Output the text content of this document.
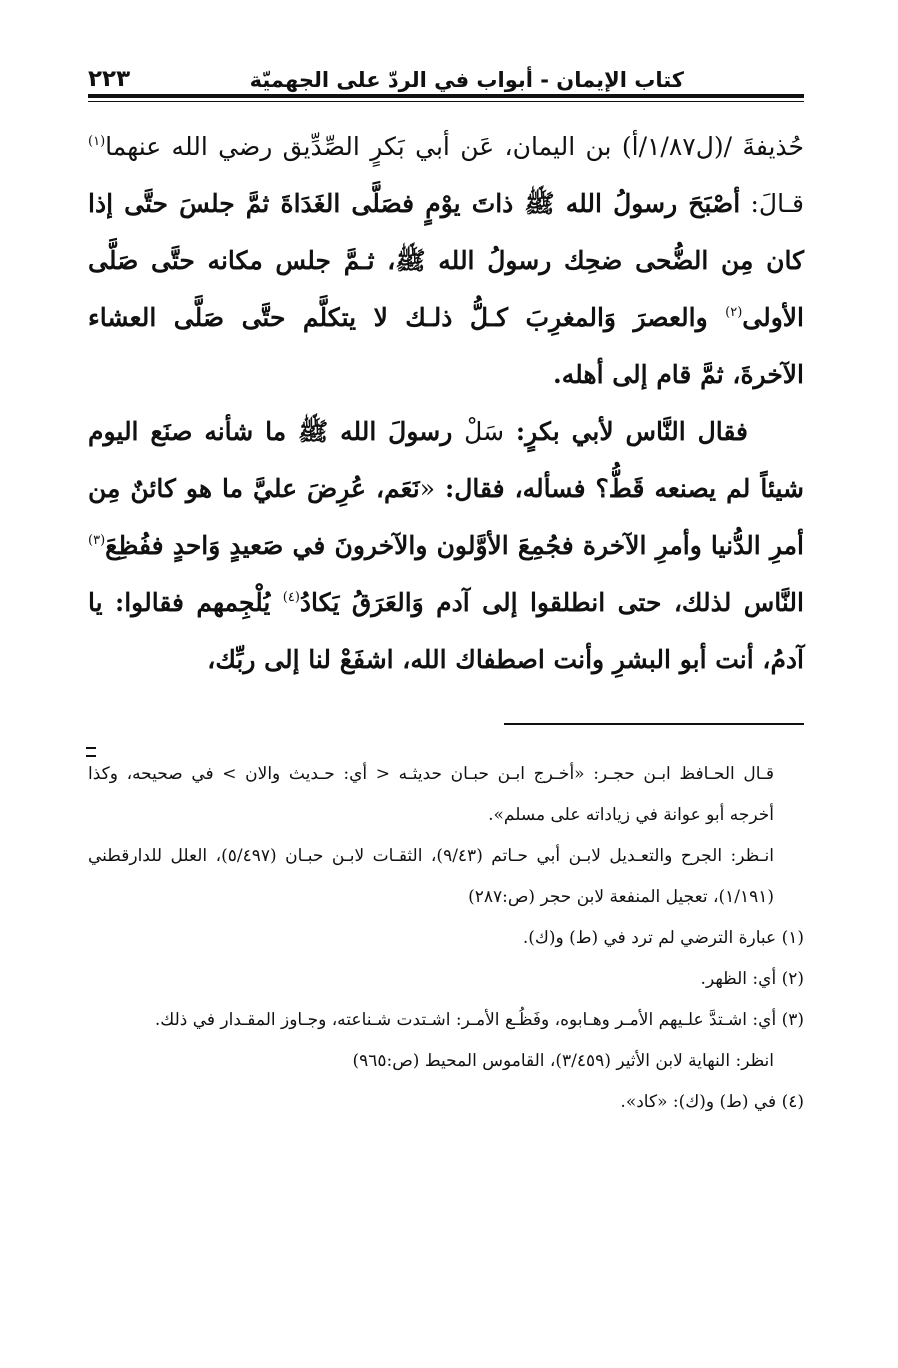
كتاب الإيمان - أبواب في الردّ على الجهميّة
٢٢٣

حُذيفةَ /(ل١/٨٧/أ) بن اليمان، عَن أبي بَكرٍ الصِّدِّيق رضي الله عنهما$^{(١)}$ قـالَ: أصْبَحَ رسولُ الله ﷺ ذاتَ يوْمٍ فصَلَّى الغَدَاةَ ثمَّ جلسَ حتَّى إذا كان مِن الضُّحى ضحِك رسولُ الله ﷺ، ثـمَّ جلس مكانه حتَّى صَلَّى الأولى$^{(٢)}$ والعصرَ وَالمغرِبَ كـلُّ ذلـك لا يتكلَّم حتَّى صَلَّى العشاء الآخرةَ، ثمَّ قام إلى أهله.

فقال النَّاس لأبي بكرٍ: سَلْ رسولَ الله ﷺ ما شأنه صنَع اليوم شيئاً لم يصنعه قَطُّ؟ فسأله، فقال: «نَعَم، عُرِضَ عليَّ ما هو كائنٌ مِن أمرِ الدُّنيا وأمرِ الآخرة فجُمِعَ الأوَّلون والآخرونَ في صَعيدٍ وَاحدٍ ففُظِعَ$^{(٣)}$ النَّاس لذلك، حتى انطلقوا إلى آدم وَالعَرَقُ يَكادُ$^{(٤)}$ يُلْجِمهم فقالوا: يا آدمُ، أنت أبو البشرِ وأنت اصطفاك الله، اشفَعْ لنا إلى ربِّك،

قـال الحـافظ ابـن حجـر: «أخـرج ابـن حبـان حديثـه < أي: حـديث والان > في صحيحه، وكذا أخرجه أبو عوانة في زياداته على مسلم».

انـظر: الجرح والتعـديل لابـن أبي حـاتم (٩/٤٣)، الثقـات لابـن حبـان (٥/٤٩٧)، العلل للدارقطني (١/١٩١)، تعجيل المنفعة لابن حجر (ص:٢٨٧)

(١) عبارة الترضي لم ترد في (ط) و(ك).

(٢) أي: الظهر.

(٣) أي: اشـتدَّ علـيهم الأمـر وهـابوه، وفَظُـع الأمـر: اشـتدت شـناعته، وجـاوز المقـدار في ذلك.

انظر: النهاية لابن الأثير (٣/٤٥٩)، القاموس المحيط (ص:٩٦٥)

(٤) في (ط) و(ك): «كاد».
